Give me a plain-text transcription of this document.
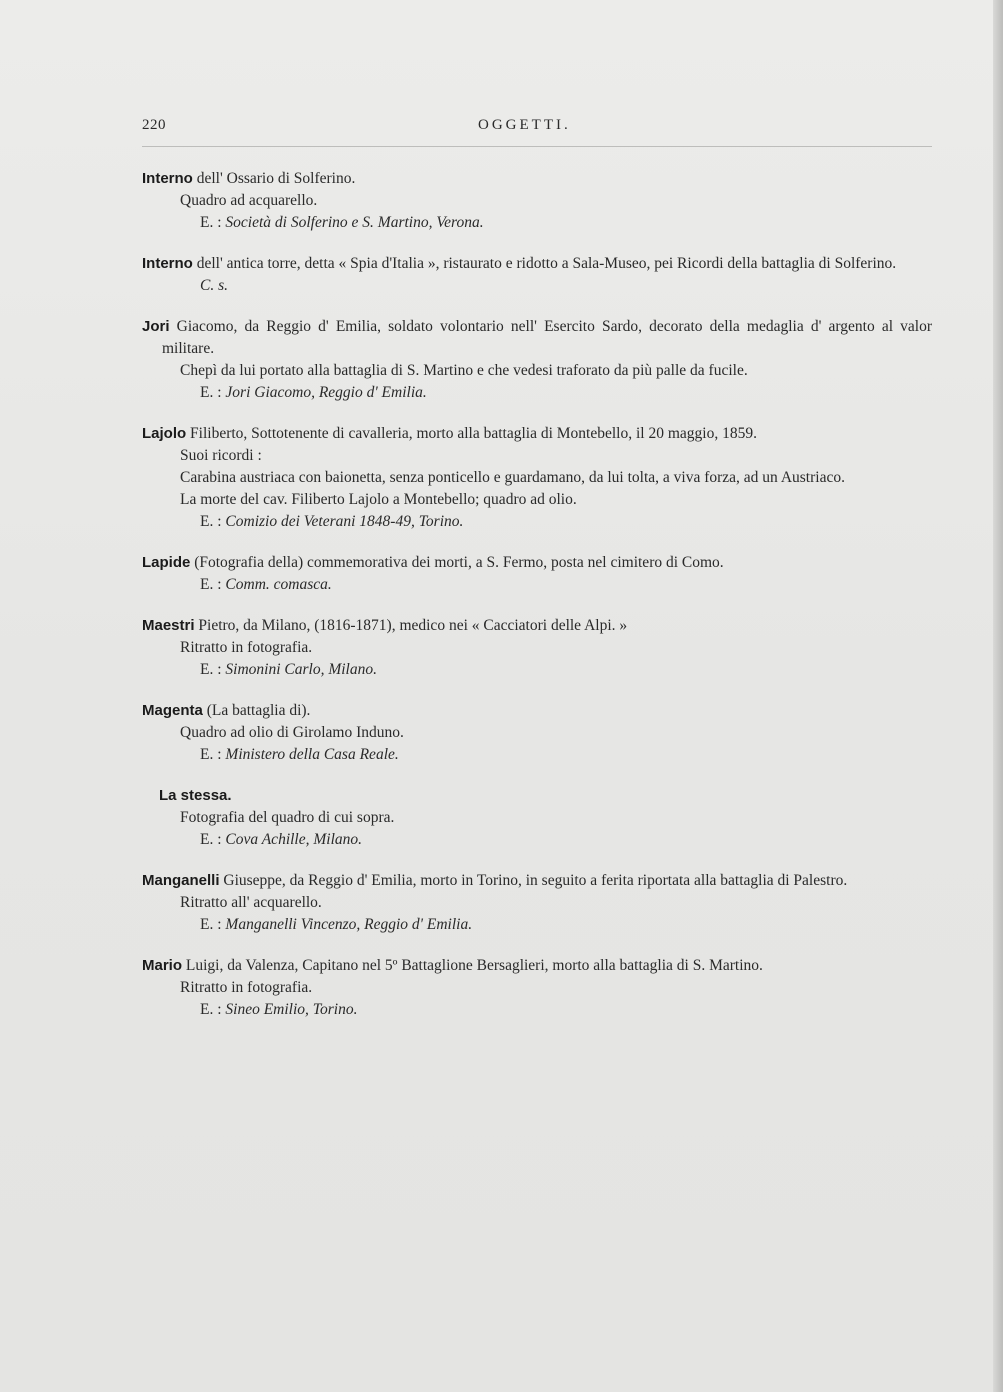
220	OGGETTI.

Interno dell' Ossario di Solferino.

Quadro ad acquarello.

E. : Società di Solferino e S. Martino, Verona.

Interno dell' antica torre, detta « Spia d'Italia », ristaurato e ridotto a Sala-Museo, pei Ricordi della battaglia di Solferino.

C. s.

Jori Giacomo, da Reggio d' Emilia, soldato volontario nell' Esercito Sardo, decorato della medaglia d' argento al valor militare.

Chepì da lui portato alla battaglia di S. Martino e che vedesi traforato da più palle da fucile.

E. : Jori Giacomo, Reggio d' Emilia.

Lajolo Filiberto, Sottotenente di cavalleria, morto alla battaglia di Montebello, il 20 maggio, 1859.

Suoi ricordi :

Carabina austriaca con baionetta, senza ponticello e guardamano, da lui tolta, a viva forza, ad un Austriaco.

La morte del cav. Filiberto Lajolo a Montebello; quadro ad olio.

E. : Comizio dei Veterani 1848-49, Torino.

Lapide (Fotografia della) commemorativa dei morti, a S. Fermo, posta nel cimitero di Como.

E. : Comm. comasca.

Maestri Pietro, da Milano, (1816-1871), medico nei « Cacciatori delle Alpi. »

Ritratto in fotografia.

E. : Simonini Carlo, Milano.

Magenta (La battaglia di).

Quadro ad olio di Girolamo Induno.

E. : Ministero della Casa Reale.

La stessa.

Fotografia del quadro di cui sopra.

E. : Cova Achille, Milano.

Manganelli Giuseppe, da Reggio d' Emilia, morto in Torino, in seguito a ferita riportata alla battaglia di Palestro.

Ritratto all' acquarello.

E. : Manganelli Vincenzo, Reggio d' Emilia.

Mario Luigi, da Valenza, Capitano nel 5º Battaglione Bersaglieri, morto alla battaglia di S. Martino.

Ritratto in fotografia.

E. : Sineo Emilio, Torino.
